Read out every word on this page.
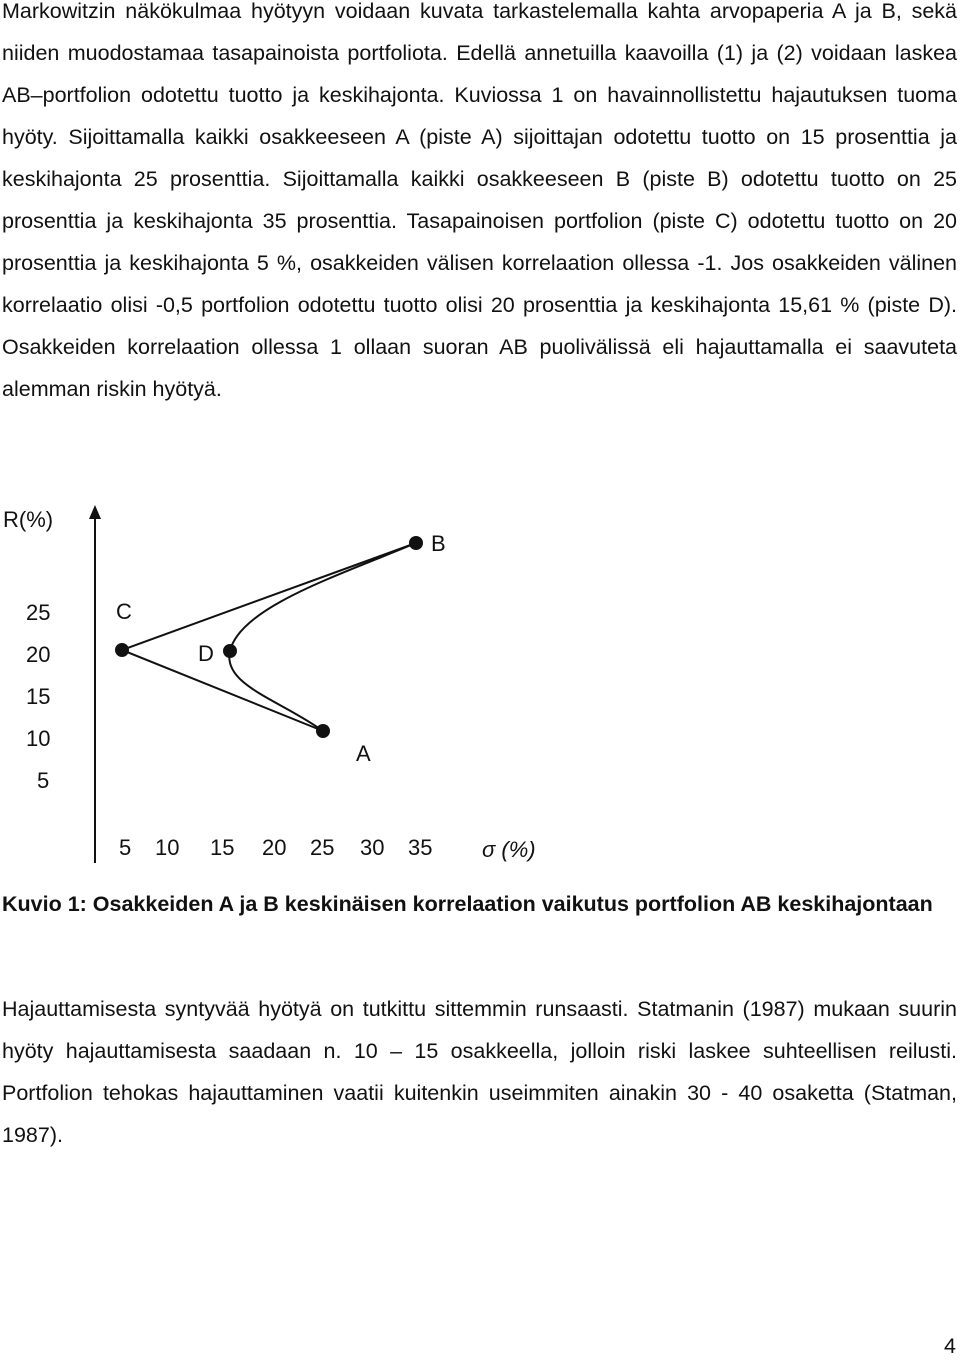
Markowitzin näkökulmaa hyötyyn voidaan kuvata tarkastelemalla kahta arvopaperia A ja B, sekä niiden muodostamaa tasapainoista portfoliota. Edellä annetuilla kaavoilla (1) ja (2) voidaan laskea AB–portfolion odotettu tuotto ja keskihajonta. Kuviossa 1 on havainnollistettu hajautuksen tuoma hyöty. Sijoittamalla kaikki osakkeeseen A (piste A) sijoittajan odotettu tuotto on 15 prosenttia ja keskihajonta 25 prosenttia. Sijoittamalla kaikki osakkeeseen B (piste B) odotettu tuotto on 25 prosenttia ja keskihajonta 35 prosenttia. Tasapainoisen portfolion (piste C) odotettu tuotto on 20 prosenttia ja keskihajonta 5 %, osakkeiden välisen korrelaation ollessa -1. Jos osakkeiden välinen korrelaatio olisi -0,5 portfolion odotettu tuotto olisi 20 prosenttia ja keskihajonta 15,61 % (piste D). Osakkeiden korrelaation ollessa 1 ollaan suoran AB puolivälissä eli hajauttamalla ei saavuteta alemman riskin hyötyä.

R(%)
σ (%)
25
20
15
10
5
5 10 15 20 25 30 35
C
D
A
B

Kuvio 1: Osakkeiden A ja B keskinäisen korrelaation vaikutus portfolion AB keskihajontaan

Hajauttamisesta syntyvää hyötyä on tutkittu sittemmin runsaasti. Statmanin (1987) mukaan suurin hyöty hajauttamisesta saadaan n. 10 – 15 osakkeella, jolloin riski laskee suhteellisen reilusti. Portfolion tehokas hajauttaminen vaatii kuitenkin useimmiten ainakin 30 - 40 osaketta (Statman, 1987).

4
